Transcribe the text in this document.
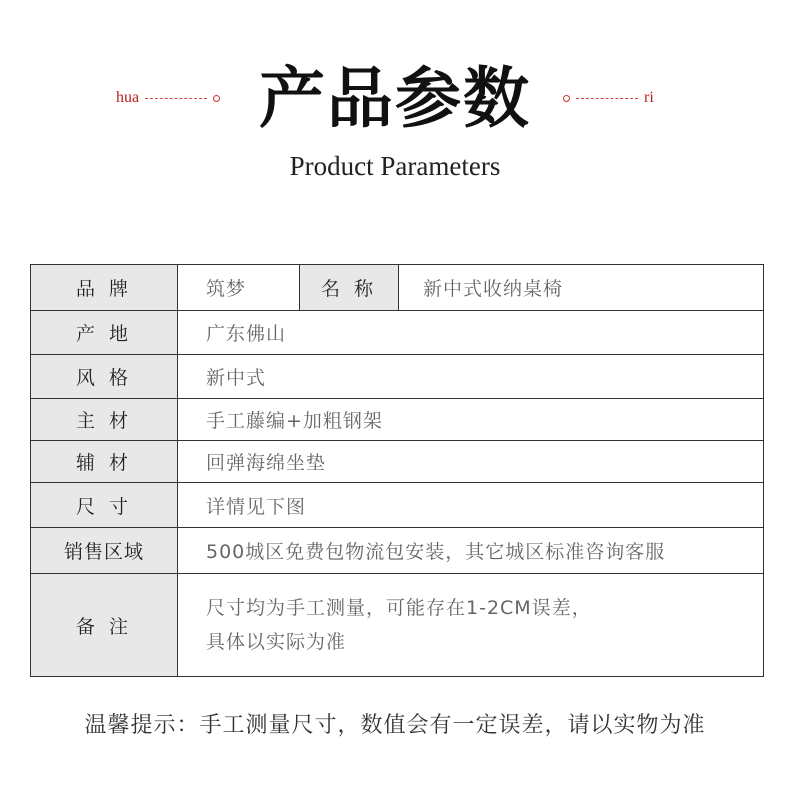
hua	产品参数	ri
Product Parameters
品 牌	筑梦	名 称	新中式收纳桌椅
产 地	广东佛山		
风 格	新中式		
主 材	手工藤编+加粗钢架		
辅 材	回弹海绵坐垫		
尺 寸	详情见下图		
销售区域	500城区免费包物流包安装，其它城区标准咨询客服		
备 注	尺寸均为手工测量，可能存在1-2CM误差，
具体以实际为准		
温馨提示：手工测量尺寸，数值会有一定误差，请以实物为准
